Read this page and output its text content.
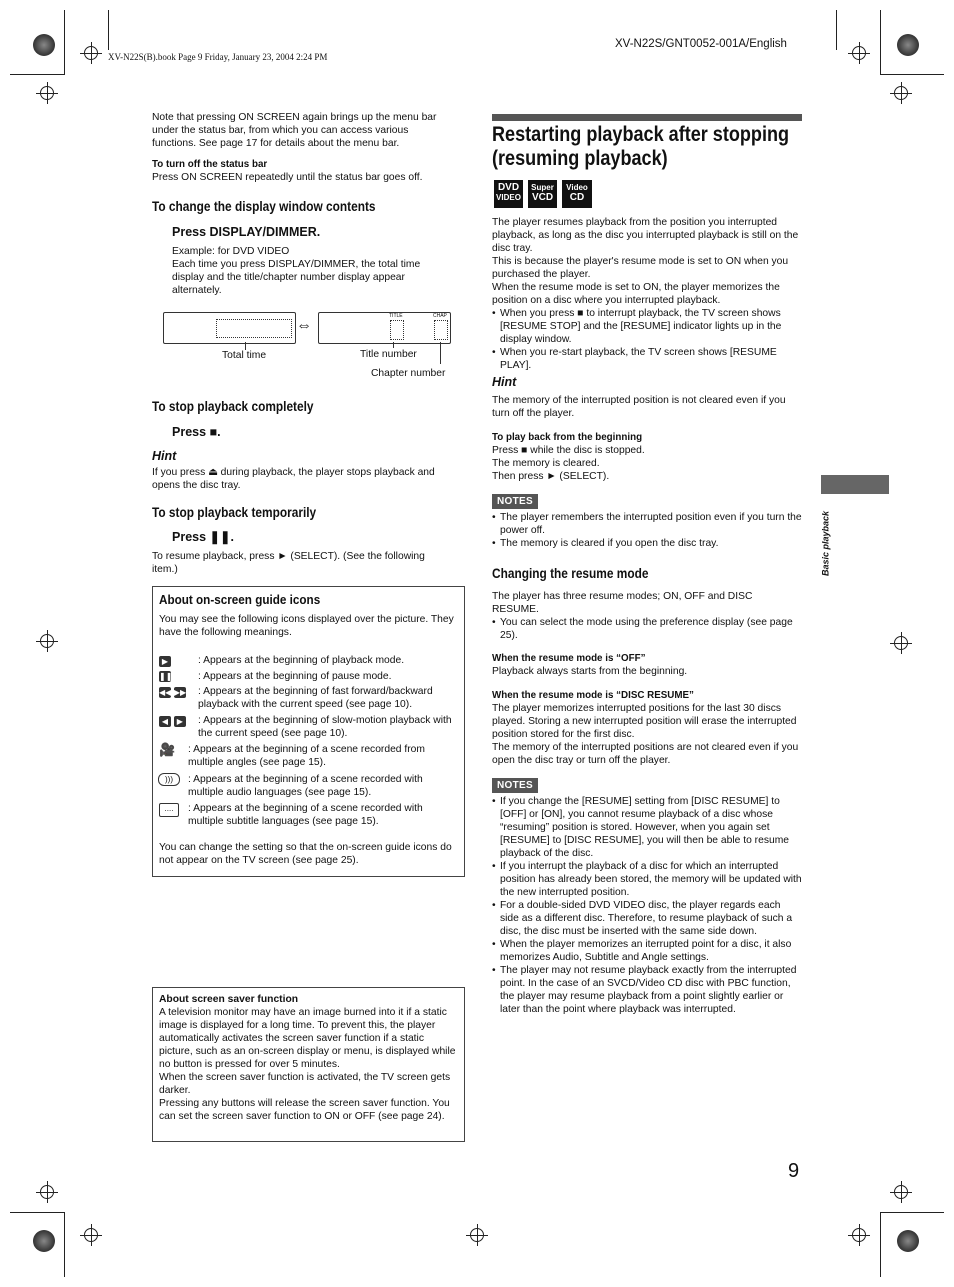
XV-N22S(B).book Page 9 Friday, January 23, 2004 2:24 PM
XV-N22S/GNT0052-001A/English

Note that pressing ON SCREEN again brings up the menu bar under the status bar, from which you can access various functions. See page 17 for details about the menu bar.

To turn off the status bar

Press ON SCREEN repeatedly until the status bar goes off.

To change the display window contents
Press DISPLAY/DIMMER.

Example: for DVD VIDEO

Each time you press DISPLAY/DIMMER, the total time display and the title/chapter number display appear alternately.

⇔
TITLE	CHAP
Total time	Title number
Chapter number
To stop playback completely
Press ■.
Hint
If you press ⏏ during playback, the player stops playback and opens the disc tray.
To stop playback temporarily
Press ❚❚.
To resume playback, press ► (SELECT). (See the following item.)
About on-screen guide icons
You may see the following icons displayed over the picture. They have the following meanings.
▶	: Appears at the beginning of playback mode.
❚❚ : Appears at the beginning of pause mode.
◀◀ ▶▶ : Appears at the beginning of fast forward/backward playback with the current speed (see page 10).
◀ ▶ : Appears at the beginning of slow-motion playback with the current speed (see page 10).
🎥 : Appears at the beginning of a scene recorded from multiple angles (see page 15).
)))	: Appears at the beginning of a scene recorded with multiple audio languages (see page 15).
....	: Appears at the beginning of a scene recorded with multiple subtitle languages (see page 15).
You can change the setting so that the on-screen guide icons do not appear on the TV screen (see page 25).

About screen saver function

A television monitor may have an image burned into it if a static image is displayed for a long time. To prevent this, the player automatically activates the screen saver function if a static picture, such as an on-screen display or menu, is displayed while no button is pressed for over 5 minutes.

When the screen saver function is activated, the TV screen gets darker.

Pressing any buttons will release the screen saver function. You can set the screen saver function to ON or OFF (see page 24).

Restarting playback after stopping
(resuming playback)
DVD
VIDEO
Super
VCD
Video
CD

The player resumes playback from the position you interrupted playback, as long as the disc you interrupted playback is still on the disc tray.

This is because the player's resume mode is set to ON when you purchased the player.

When the resume mode is set to ON, the player memorizes the position on a disc where you interrupted playback.

• When you press ■ to interrupt playback, the TV screen shows [RESUME STOP] and the [RESUME] indicator lights up in the display window.
• When you re-start playback, the TV screen shows [RESUME PLAY].
Hint
The memory of the interrupted position is not cleared even if you turn off the player.

To play back from the beginning

Press ■ while the disc is stopped.

The memory is cleared.

Then press ► (SELECT).

NOTES
• The player remembers the interrupted position even if you turn the power off.
• The memory is cleared if you open the disc tray.
Changing the resume mode

The player has three resume modes; ON, OFF and DISC RESUME.

• You can select the mode using the preference display (see page 25).

When the resume mode is “OFF”

Playback always starts from the beginning.

When the resume mode is “DISC RESUME”

The player memorizes interrupted positions for the last 30 discs played. Storing a new interrupted position will erase the interrupted position stored for the first disc.

The memory of the interrupted positions are not cleared even if you open the disc tray or turn off the player.

NOTES
• If you change the [RESUME] setting from [DISC RESUME] to [OFF] or [ON], you cannot resume playback of a disc whose “resuming” position is stored. However, when you again set [RESUME] to [DISC RESUME], you will then be able to resume playback of the disc.
• If you interrupt the playback of a disc for which an interrupted position has already been stored, the memory will be updated with the new interrupted position.
• For a double-sided DVD VIDEO disc, the player regards each side as a different disc. Therefore, to resume playback of such a disc, the disc must be inserted with the same side down.
• When the player memorizes an iterrupted point for a disc, it also memorizes Audio, Subtitle and Angle settings.
• The player may not resume playback exactly from the interrupted point. In the case of an SVCD/Video CD disc with PBC function, the player may resume playback from a point slightly earlier or later than the point where playback was interrupted.
Basic playback
9
